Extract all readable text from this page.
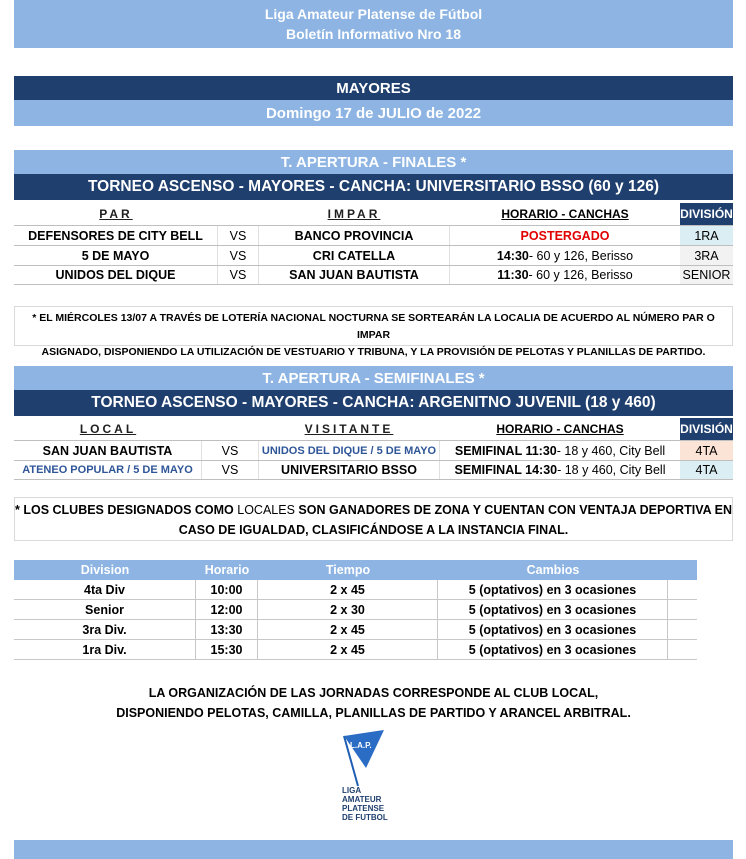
Liga Amateur Platense de Fútbol
Boletín Informativo Nro 18
MAYORES
Domingo 17 de JULIO de 2022
T. APERTURA - FINALES *
TORNEO ASCENSO - MAYORES - CANCHA: UNIVERSITARIO BSSO (60 y 126)
PAR	IMPAR	HORARIO - CANCHAS	DIVISIÓN
DEFENSORES DE CITY BELL	VS	BANCO PROVINCIA	POSTERGADO	1RA
5 DE MAYO	VS	CRI CATELLA	14:30 - 60 y 126, Berisso	3RA
UNIDOS DEL DIQUE	VS	SAN JUAN BAUTISTA	11:30 - 60 y 126, Berisso	SENIOR
* EL MIÉRCOLES 13/07 A TRAVÉS DE LOTERÍA NACIONAL NOCTURNA SE SORTEARÁN LA LOCALIA DE ACUERDO AL NÚMERO PAR O IMPAR
ASIGNADO, DISPONIENDO LA UTILIZACIÓN DE VESTUARIO Y TRIBUNA, Y LA PROVISIÓN DE PELOTAS Y PLANILLAS DE PARTIDO.
T. APERTURA - SEMIFINALES *
TORNEO ASCENSO - MAYORES - CANCHA: ARGENITNO JUVENIL (18 y 460)
LOCAL	VISITANTE	HORARIO - CANCHAS	DIVISIÓN
SAN JUAN BAUTISTA	VS	UNIDOS DEL DIQUE / 5 DE MAYO	SEMIFINAL 11:30 - 18 y 460, City Bell	4TA
ATENEO POPULAR / 5 DE MAYO	VS	UNIVERSITARIO BSSO	SEMIFINAL 14:30 - 18 y 460, City Bell	4TA
* LOS CLUBES DESIGNADOS COMO LOCALES SON GANADORES DE ZONA Y CUENTAN CON VENTAJA DEPORTIVA EN
CASO DE IGUALDAD, CLASIFICÁNDOSE A LA INSTANCIA FINAL.
Division	Horario	Tiempo	Cambios
4ta Div	10:00	2 x 45	5 (optativos) en 3 ocasiones
Senior	12:00	2 x 30	5 (optativos) en 3 ocasiones
3ra Div.	13:30	2 x 45	5 (optativos) en 3 ocasiones
1ra Div.	15:30	2 x 45	5 (optativos) en 3 ocasiones
LA ORGANIZACIÓN DE LAS JORNADAS CORRESPONDE AL CLUB LOCAL,
DISPONIENDO PELOTAS, CAMILLA, PLANILLAS DE PARTIDO Y ARANCEL ARBITRAL.
L.A.P.
LIGA
AMATEUR
PLATENSE
DE FUTBOL
